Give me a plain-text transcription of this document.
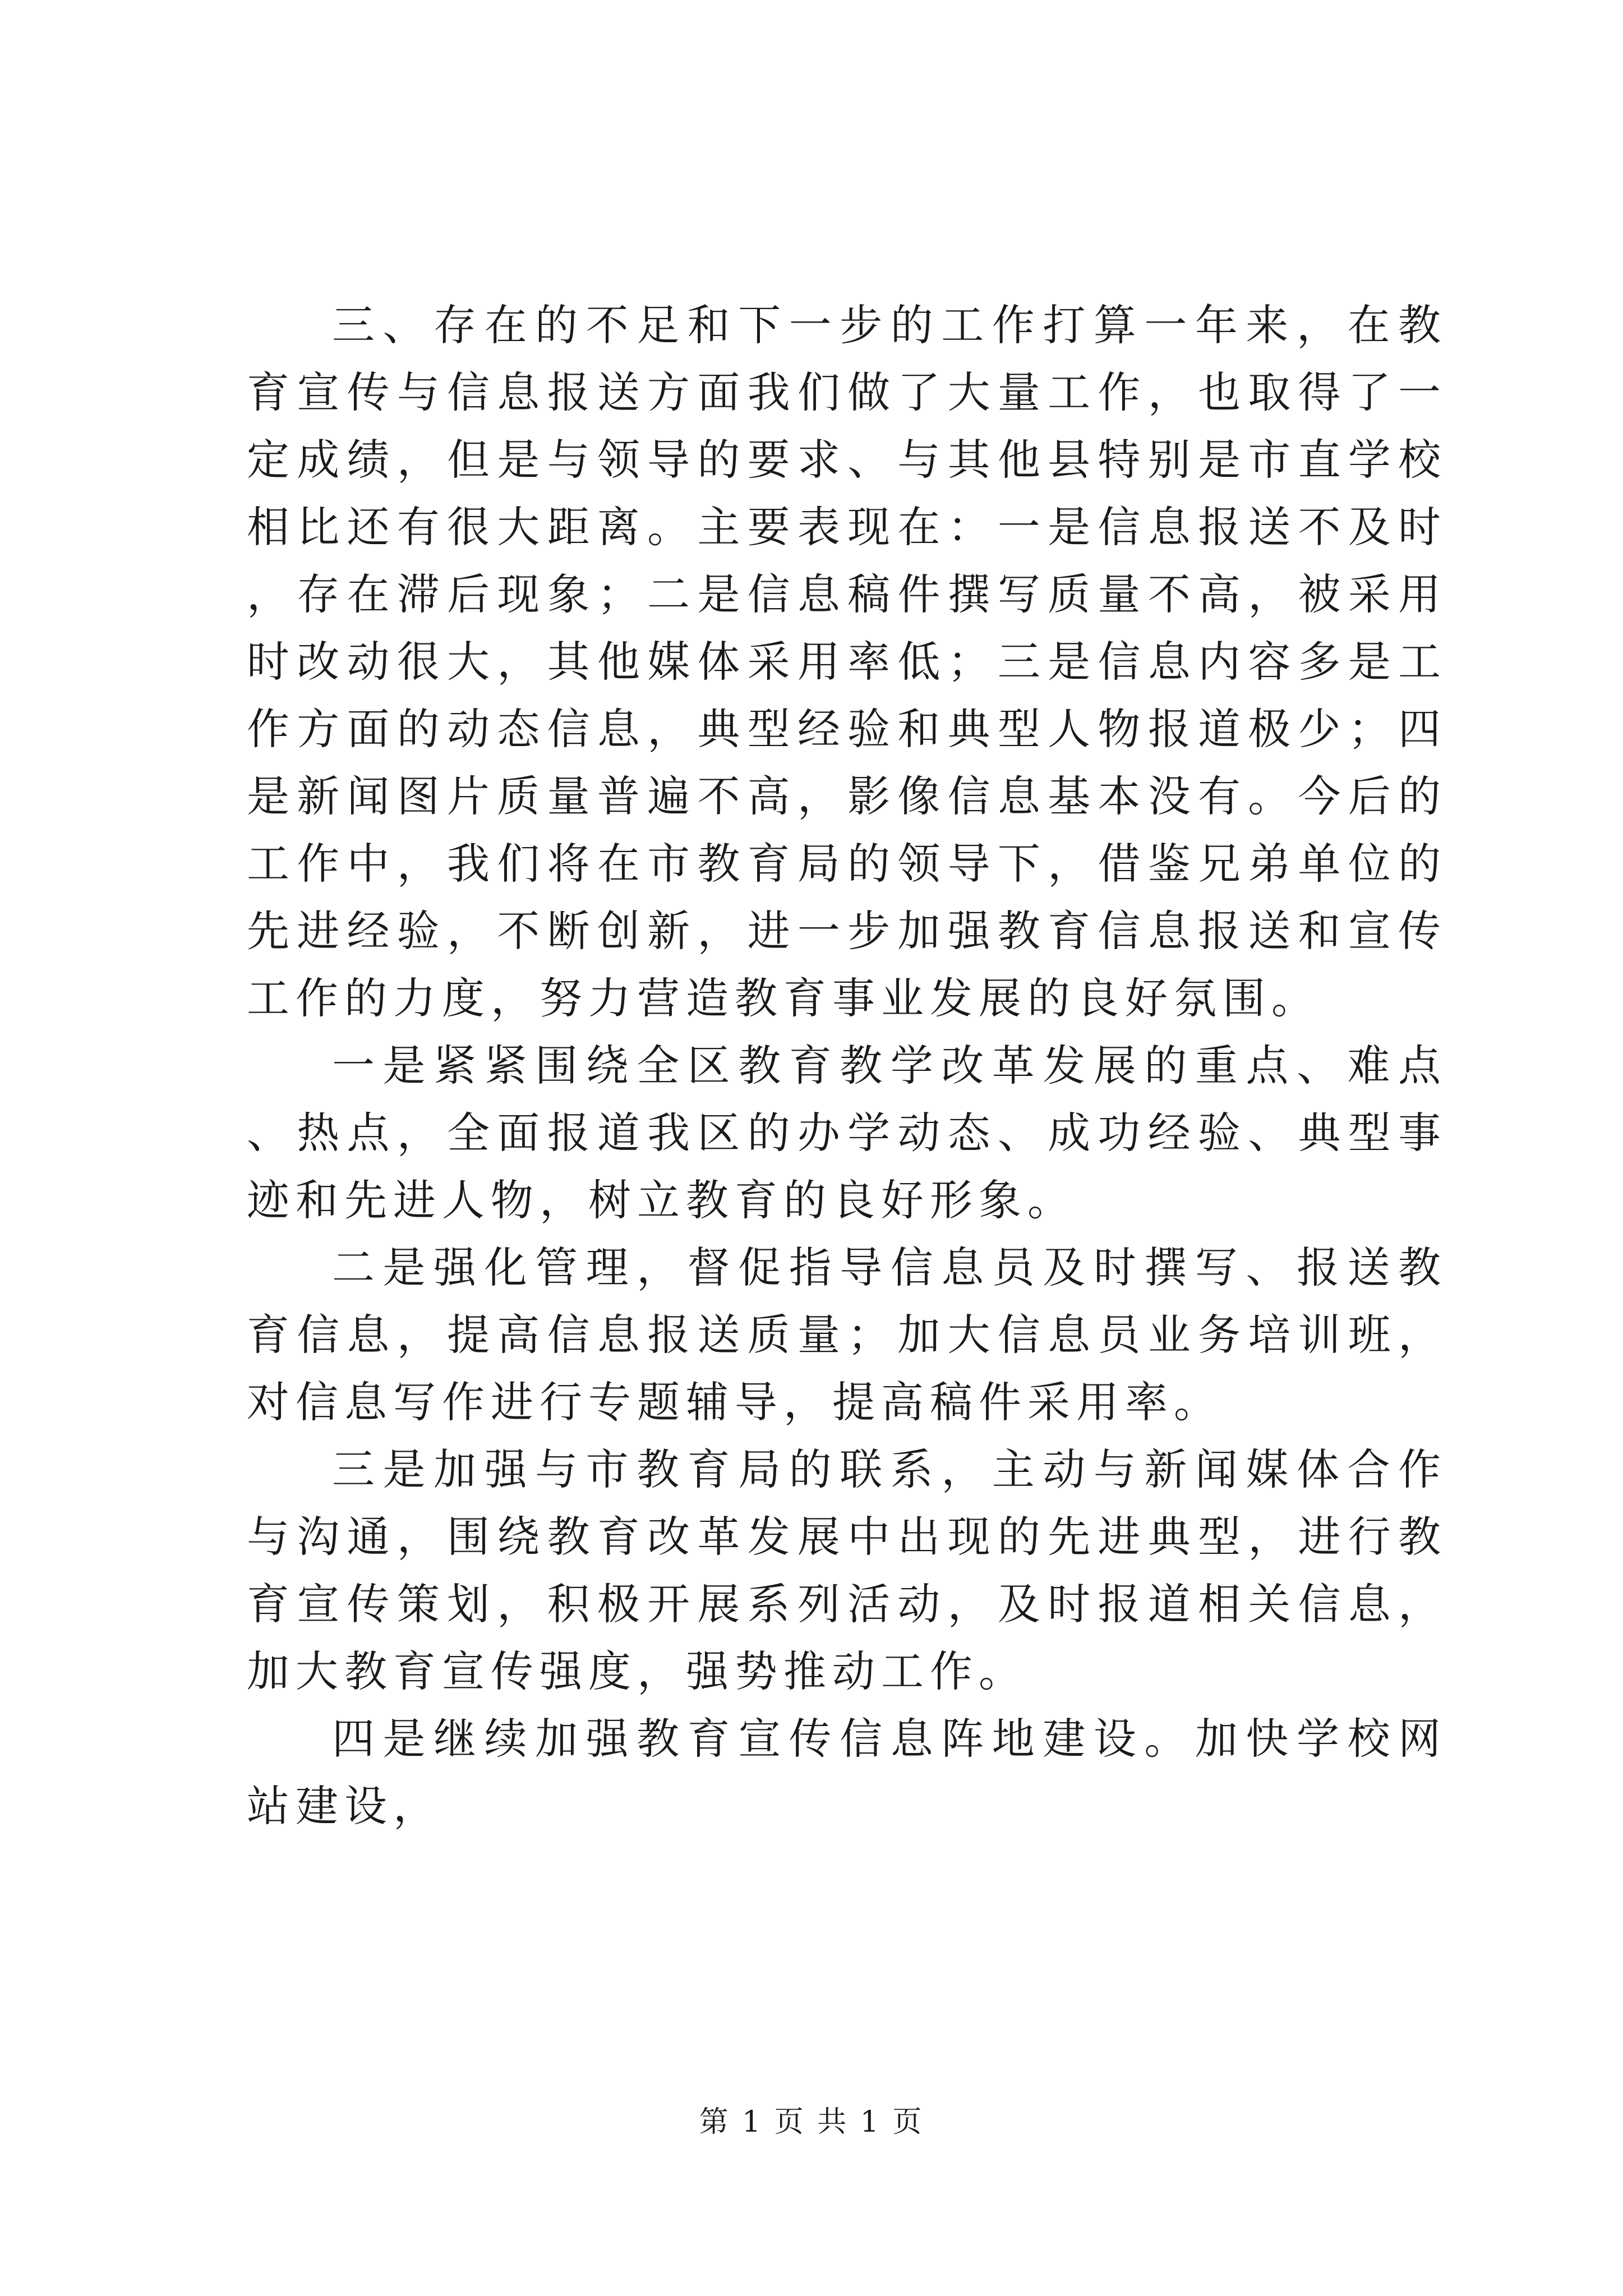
三、存在的不足和下一步的工作打算一年来，在教育宣传与信息报送方面我们做了大量工作，也取得了一定成绩，但是与领导的要求、与其他县特别是市直学校相比还有很大距离。主要表现在：一是信息报送不及时，存在滞后现象；二是信息稿件撰写质量不高，被采用时改动很大，其他媒体采用率低；三是信息内容多是工作方面的动态信息，典型经验和典型人物报道极少；四是新闻图片质量普遍不高，影像信息基本没有。今后的工作中，我们将在市教育局的领导下，借鉴兄弟单位的先进经验，不断创新，进一步加强教育信息报送和宣传工作的力度，努力营造教育事业发展的良好氛围。

一是紧紧围绕全区教育教学改革发展的重点、难点、热点，全面报道我区的办学动态、成功经验、典型事迹和先进人物，树立教育的良好形象。

二是强化管理，督促指导信息员及时撰写、报送教育信息，提高信息报送质量；加大信息员业务培训班，对信息写作进行专题辅导，提高稿件采用率。

三是加强与市教育局的联系，主动与新闻媒体合作与沟通，围绕教育改革发展中出现的先进典型，进行教育宣传策划，积极开展系列活动，及时报道相关信息，加大教育宣传强度，强势推动工作。

四是继续加强教育宣传信息阵地建设。加快学校网站建设，

第 1 页 共 1 页
